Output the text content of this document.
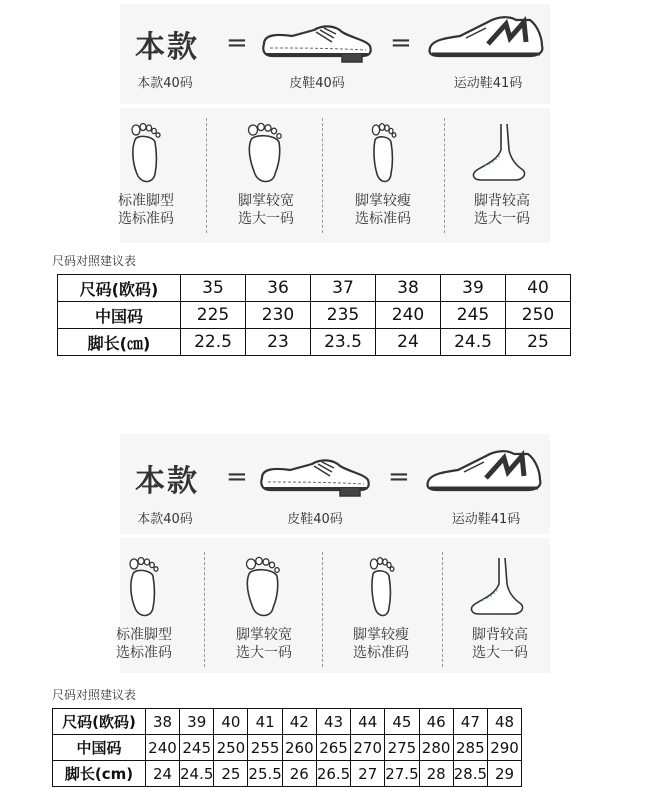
本款 =	=
本款40码	皮鞋40码	运动鞋41码
标准脚型
选标准码
脚掌较宽
选大一码
脚掌较瘦
选标准码
脚背较高
选大一码
尺码对照建议表
尺码(欧码)	35	36	37	38	39	40
中国码	225	230	235	240	245	250
脚长(㎝)	22.5	23	23.5	24	24.5	25
本款 =	=
本款40码	皮鞋40码	运动鞋41码
标准脚型
选标准码
脚掌较宽
选大一码
脚掌较瘦
选标准码
脚背较高
选大一码
尺码对照建议表
尺码(欧码)	38	39	40	41	42	43	44	45	46	47	48
中国码	240	245	250	255	260	265	270	275	280	285	290
脚长(cm)	24	24.5	25	25.5	26	26.5	27	27.5	28	28.5	29
